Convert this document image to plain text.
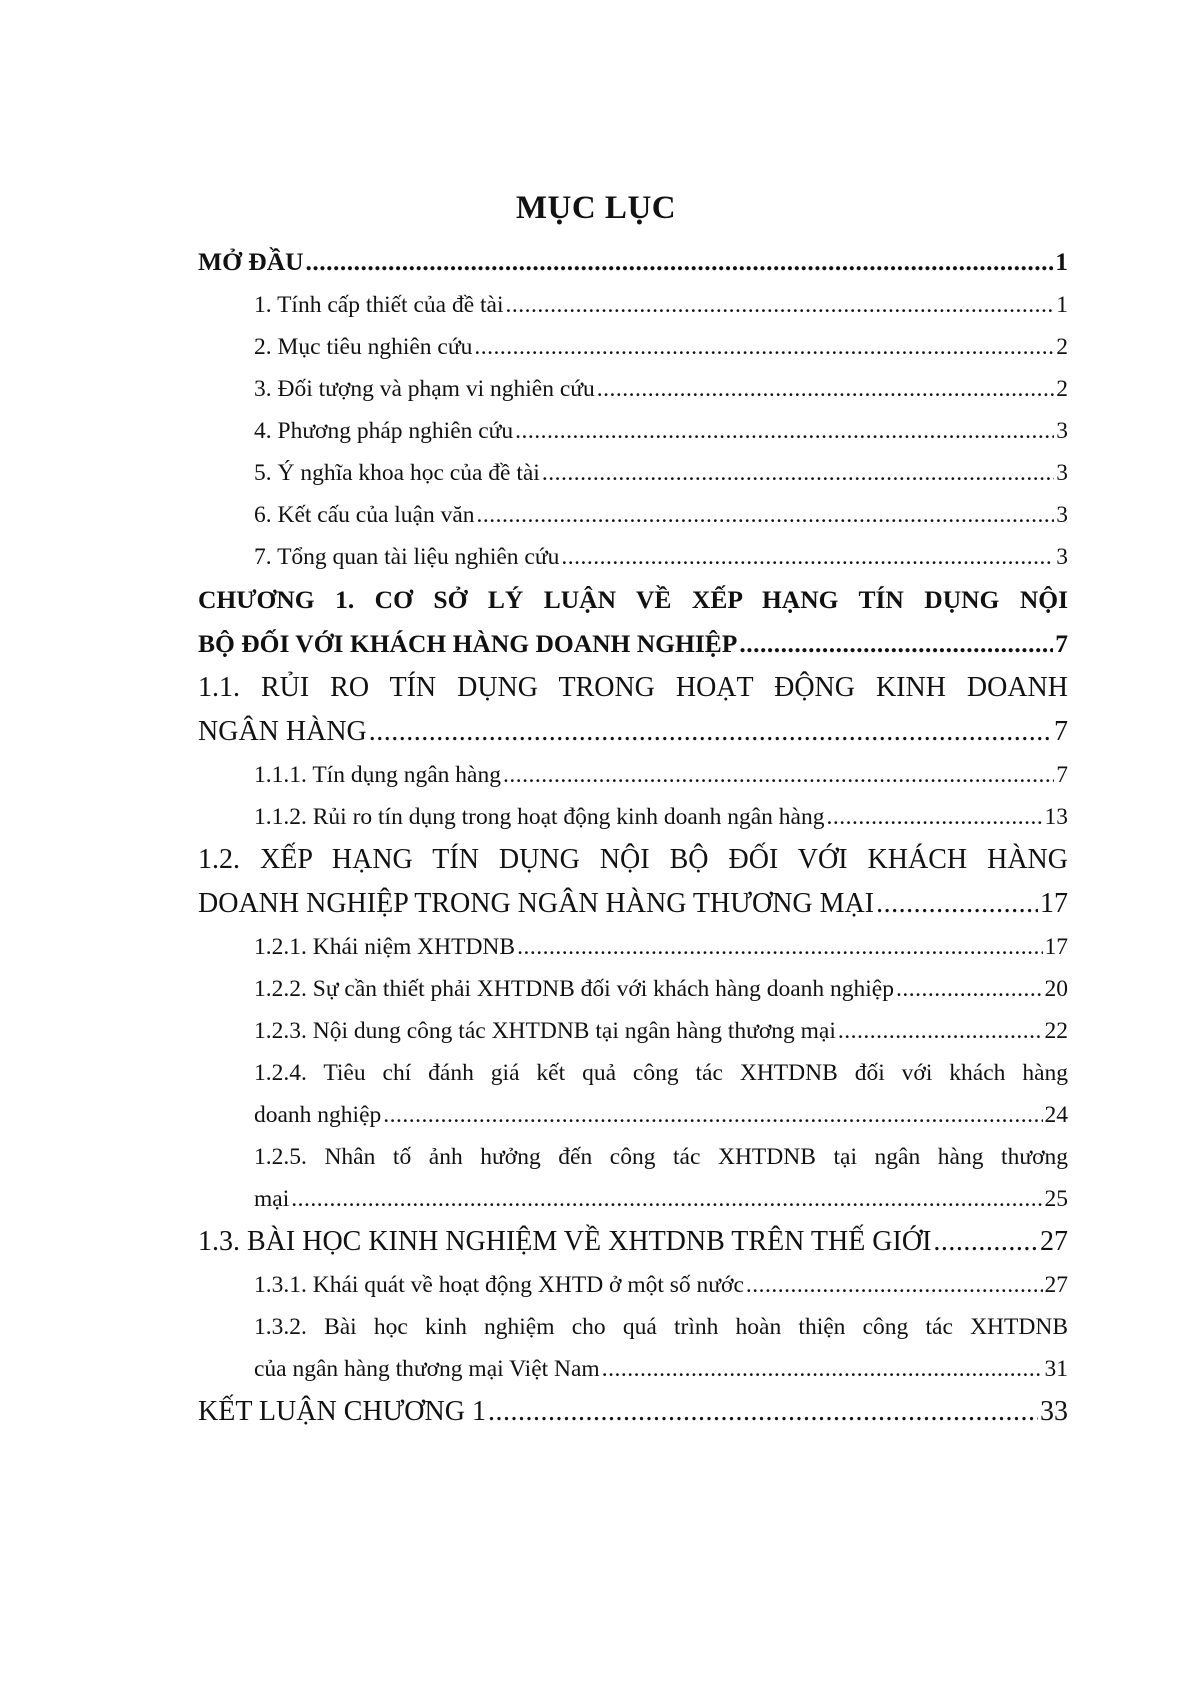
MỤC LỤC
MỞ ĐẦU .....	1
1. Tính cấp thiết của đề tài .....	1
2. Mục tiêu nghiên cứu .....	2
3. Đối tượng và phạm vi nghiên cứu .....	2
4. Phương pháp nghiên cứu .....	3
5. Ý nghĩa khoa học của đề tài .....	3
6. Kết cấu của luận văn .....	3
7. Tổng quan tài liệu nghiên cứu .....	3
CHƯƠNG 1. CƠ SỞ LÝ LUẬN VỀ XẾP HẠNG TÍN DỤNG NỘI
BỘ ĐỐI VỚI KHÁCH HÀNG DOANH NGHIỆP .....	7
1.1. RỦI RO TÍN DỤNG TRONG HOẠT ĐỘNG KINH DOANH
NGÂN HÀNG .....	7
1.1.1. Tín dụng ngân hàng .....	7
1.1.2. Rủi ro tín dụng trong hoạt động kinh doanh ngân hàng .....	13
1.2. XẾP HẠNG TÍN DỤNG NỘI BỘ ĐỐI VỚI KHÁCH HÀNG
DOANH NGHIỆP TRONG NGÂN HÀNG THƯƠNG MẠI .....	17
1.2.1. Khái niệm XHTDNB .....	17
1.2.2. Sự cần thiết phải XHTDNB đối với khách hàng doanh nghiệp .....	20
1.2.3. Nội dung công tác XHTDNB tại ngân hàng thương mại .....	22
1.2.4. Tiêu chí đánh giá kết quả công tác XHTDNB đối với khách hàng
doanh nghiệp .....	24
1.2.5. Nhân tố ảnh hưởng đến công tác XHTDNB tại ngân hàng thương
mại .....	25
1.3. BÀI HỌC KINH NGHIỆM VỀ XHTDNB TRÊN THẾ GIỚI .....	27
1.3.1. Khái quát về hoạt động XHTD ở một số nước .....	27
1.3.2. Bài học kinh nghiệm cho quá trình hoàn thiện công tác XHTDNB
của ngân hàng thương mại Việt Nam .....	31
KẾT LUẬN CHƯƠNG 1 .....	33
